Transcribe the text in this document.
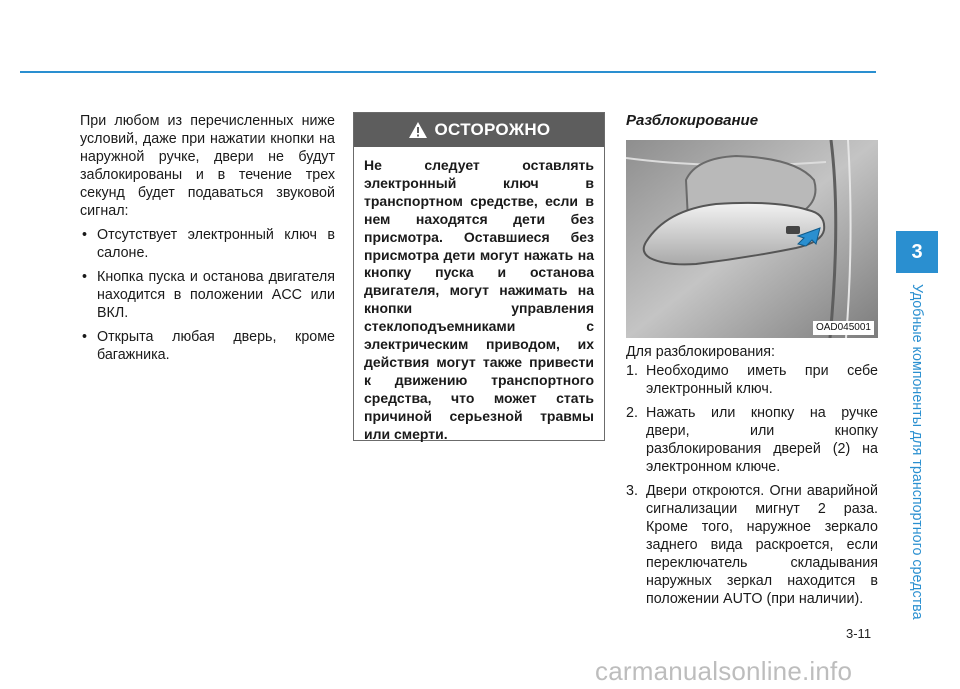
При любом из перечисленных ниже условий, даже при нажатии кнопки на наружной ручке, двери не будут заблокированы и в течение трех секунд будет подаваться звуковой сигнал:

• Отсутствует электронный ключ в салоне.
• Кнопка пуска и останова двигателя находится в положении ACC или ВКЛ.
• Открыта любая дверь, кроме багажника.
ОСТОРОЖНО

Не следует оставлять электронный ключ в транспортном средстве, если в нем находятся дети без присмотра. Оставшиеся без присмотра дети могут нажать на кнопку пуска и останова двигателя, могут нажимать на кнопки управления стеклоподъемниками с электрическим приводом, их действия могут также привести к движению транспортного средства, что может стать причиной серьезной травмы или смерти.

Разблокирование

OAD045001

Для разблокирования:

1. Необходимо иметь при себе электронный ключ.
2. Нажать или кнопку на ручке двери, или кнопку разблокирования дверей (2) на электронном ключе.
3. Двери откроются. Огни аварийной сигнализации мигнут 2 раза. Кроме того, наружное зеркало заднего вида раскроется, если переключатель складывания наружных зеркал находится в положении AUTO (при наличии).
3
Удобные компоненты для транспортного средства
3-11
carmanualsonline.info
